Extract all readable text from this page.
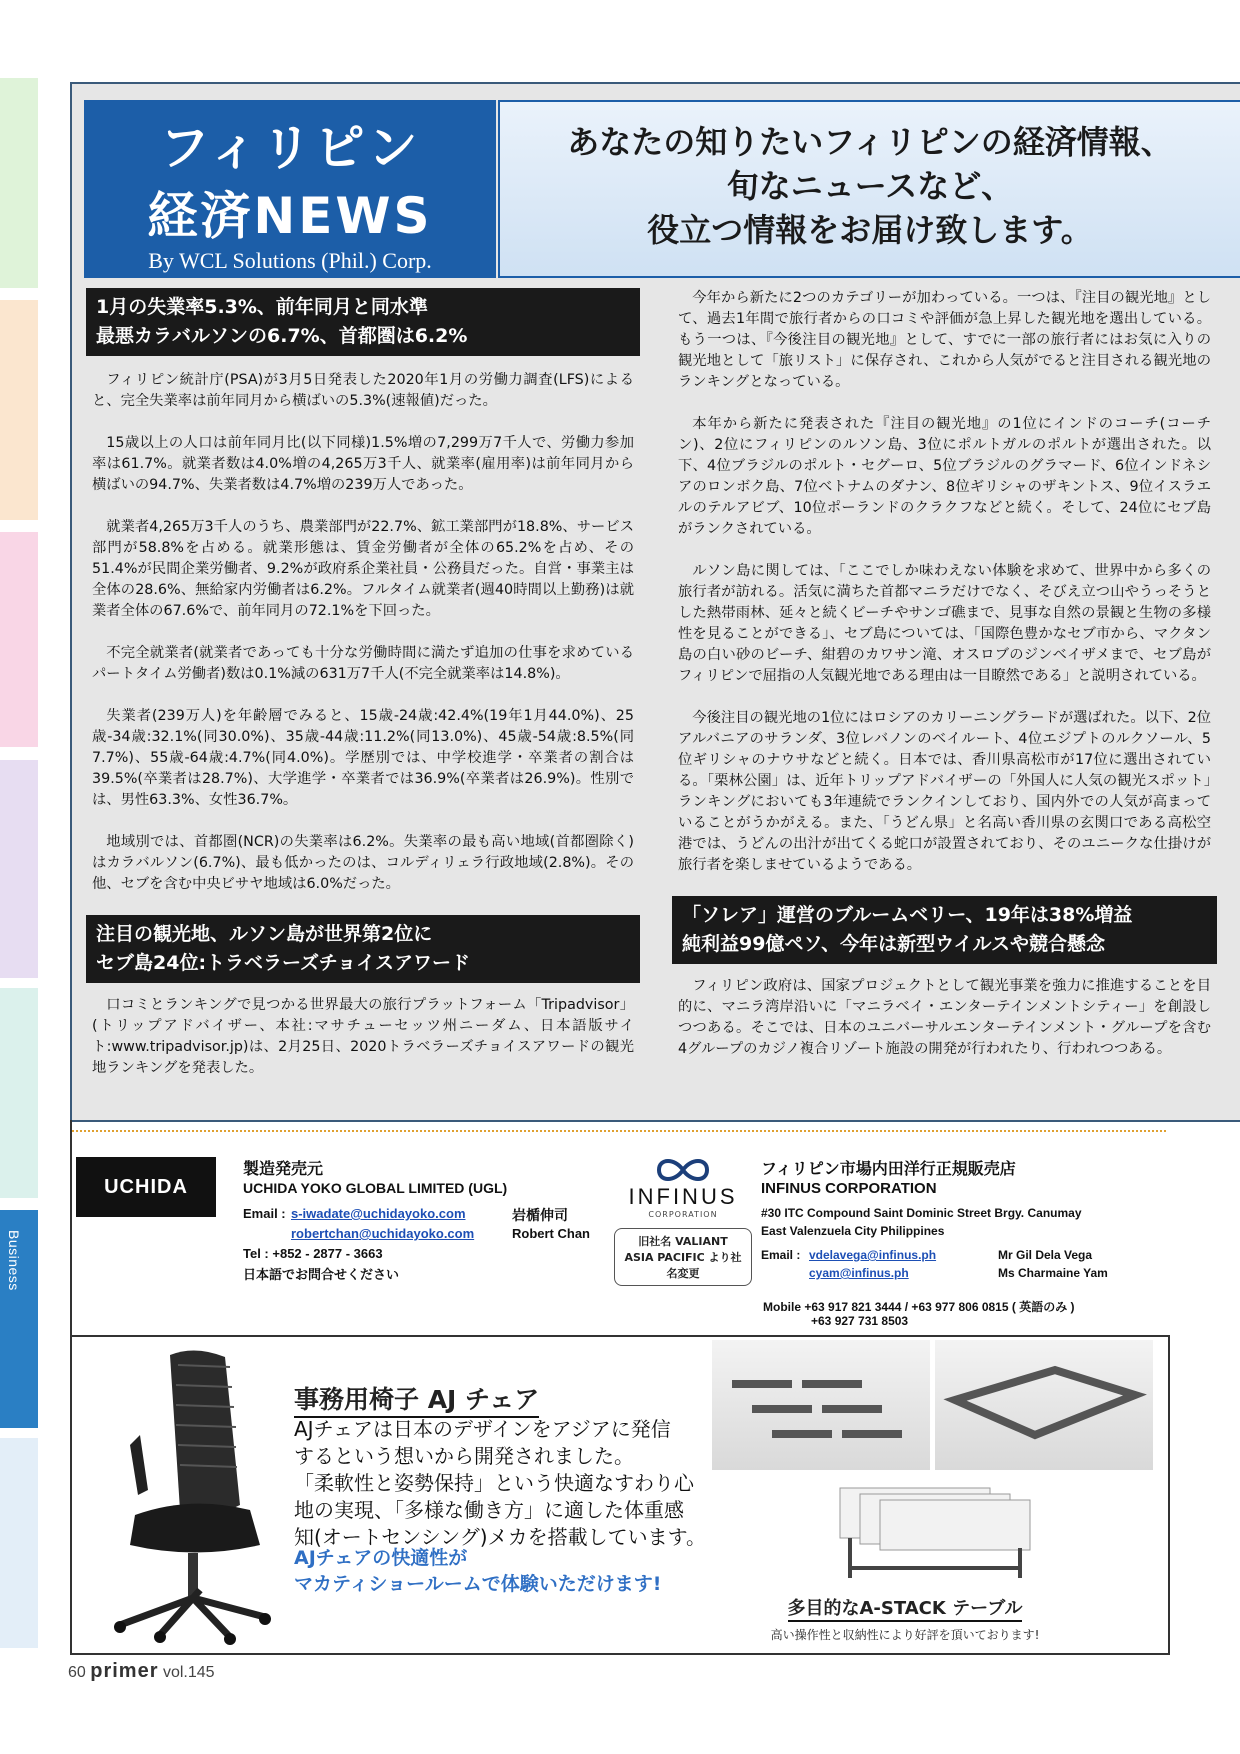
Business
フィリピン
経済NEWS
By WCL Solutions (Phil.) Corp.
あなたの知りたいフィリピンの経済情報、
旬なニュースなど、
役立つ情報をお届け致します。
1月の失業率5.3%、前年同月と同水準
最悪カラバルソンの6.7%、首都圏は6.2%

フィリピン統計庁(PSA)が3月5日発表した2020年1月の労働力調査(LFS)によると、完全失業率は前年同月から横ばいの5.3%(速報値)だった。

15歳以上の人口は前年同月比(以下同様)1.5%増の7,299万7千人で、労働力参加率は61.7%。就業者数は4.0%増の4,265万3千人、就業率(雇用率)は前年同月から横ばいの94.7%、失業者数は4.7%増の239万人であった。

就業者4,265万3千人のうち、農業部門が22.7%、鉱工業部門が18.8%、サービス部門が58.8%を占める。就業形態は、賃金労働者が全体の65.2%を占め、その51.4%が民間企業労働者、9.2%が政府系企業社員・公務員だった。自営・事業主は全体の28.6%、無給家内労働者は6.2%。フルタイム就業者(週40時間以上勤務)は就業者全体の67.6%で、前年同月の72.1%を下回った。

不完全就業者(就業者であっても十分な労働時間に満たず追加の仕事を求めているパートタイム労働者)数は0.1%減の631万7千人(不完全就業率は14.8%)。

失業者(239万人)を年齢層でみると、15歳-24歳:42.4%(19年1月44.0%)、25歳-34歳:32.1%(同30.0%)、35歳-44歳:11.2%(同13.0%)、45歳-54歳:8.5%(同7.7%)、55歳-64歳:4.7%(同4.0%)。学歴別では、中学校進学・卒業者の割合は39.5%(卒業者は28.7%)、大学進学・卒業者では36.9%(卒業者は26.9%)。性別では、男性63.3%、女性36.7%。

地域別では、首都圏(NCR)の失業率は6.2%。失業率の最も高い地域(首都圏除く)はカラバルソン(6.7%)、最も低かったのは、コルディリェラ行政地域(2.8%)。その他、セブを含む中央ビサヤ地域は6.0%だった。

注目の観光地、ルソン島が世界第2位に
セブ島24位:トラベラーズチョイスアワード

口コミとランキングで見つかる世界最大の旅行プラットフォーム「Tripadvisor」(トリップアドバイザー、本社:マサチューセッツ州ニーダム、日本語版サイト:www.tripadvisor.jp)は、2月25日、2020トラベラーズチョイスアワードの観光地ランキングを発表した。

今年から新たに2つのカテゴリーが加わっている。一つは、『注目の観光地』として、過去1年間で旅行者からの口コミや評価が急上昇した観光地を選出している。もう一つは、『今後注目の観光地』として、すでに一部の旅行者にはお気に入りの観光地として「旅リスト」に保存され、これから人気がでると注目される観光地のランキングとなっている。

本年から新たに発表された『注目の観光地』の1位にインドのコーチ(コーチン)、2位にフィリピンのルソン島、3位にポルトガルのポルトが選出された。以下、4位ブラジルのポルト・セグーロ、5位ブラジルのグラマード、6位インドネシアのロンボク島、7位ベトナムのダナン、8位ギリシャのザキントス、9位イスラエルのテルアビブ、10位ポーランドのクラクフなどと続く。そして、24位にセブ島がランクされている。

ルソン島に関しては、「ここでしか味わえない体験を求めて、世界中から多くの旅行者が訪れる。活気に満ちた首都マニラだけでなく、そびえ立つ山やうっそうとした熱帯雨林、延々と続くビーチやサンゴ礁まで、見事な自然の景観と生物の多様性を見ることができる」、セブ島については、「国際色豊かなセブ市から、マクタン島の白い砂のビーチ、紺碧のカワサン滝、オスロブのジンベイザメまで、セブ島がフィリピンで屈指の人気観光地である理由は一目瞭然である」と説明されている。

今後注目の観光地の1位にはロシアのカリーニングラードが選ばれた。以下、2位アルバニアのサランダ、3位レバノンのベイルート、4位エジプトのルクソール、5位ギリシャのナウサなどと続く。日本では、香川県高松市が17位に選出されている。「栗林公園」は、近年トリップアドバイザーの「外国人に人気の観光スポット」ランキングにおいても3年連続でランクインしており、国内外での人気が高まっていることがうかがえる。また、「うどん県」と名高い香川県の玄関口である高松空港では、うどんの出汁が出てくる蛇口が設置されており、そのユニークな仕掛けが旅行者を楽しませているようである。

「ソレア」運営のブルームベリー、19年は38%増益
純利益99億ペソ、今年は新型ウイルスや競合懸念

フィリピン政府は、国家プロジェクトとして観光事業を強力に推進することを目的に、マニラ湾岸沿いに「マニラベイ・エンターテインメントシティー」を創設しつつある。そこでは、日本のユニバーサルエンターテインメント・グループを含む4グループのカジノ複合リゾート施設の開発が行われたり、行われつつある。

UCHIDA
製造発売元
UCHIDA YOKO GLOBAL LIMITED (UGL)
Email : s-iwadate@uchidayoko.com
robertchan@uchidayoko.com
岩楯伸司
Robert Chan
Tel : +852 - 2877 - 3663
日本語でお問合せください
INFINUS
CORPORATION
旧社名 VALIANT
ASIA PACIFIC より社
名変更
フィリピン市場内田洋行正規販売店
INFINUS CORPORATION
#30 ITC Compound Saint Dominic Street Brgy. Canumay
East Valenzuela City Philippines
Email : vdelavega@infinus.ph
cyam@infinus.ph
Mr Gil Dela Vega
Ms Charmaine Yam
Mobile +63 917 821 3444 / +63 977 806 0815 ( 英語のみ )
+63 927 731 8503
事務用椅子 AJ チェア
AJチェアは日本のデザインをアジアに発信
するという想いから開発されました。
「柔軟性と姿勢保持」という快適なすわり心
地の実現、「多様な働き方」に適した体重感
知(オートセンシング)メカを搭載しています。
AJチェアの快適性が
マカティショールームで体験いただけます!
多目的なA-STACK テーブル
高い操作性と収納性により好評を頂いております!
60 primer vol.145
